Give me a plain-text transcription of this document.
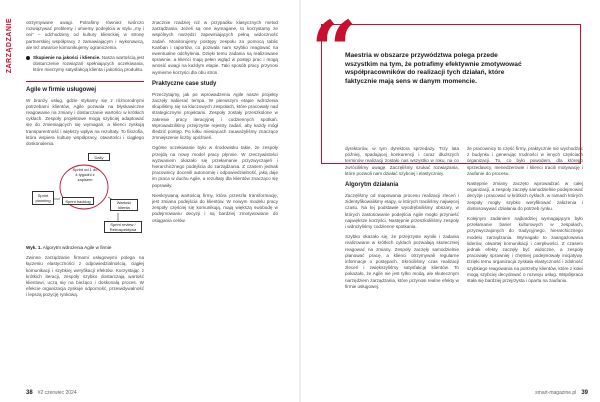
ZARZĄDZANIE	otrzymywane uwagi. Potrafimy równiez twórczo rozwiązywać problemy i umiemy podejścia w stylu „my i oni” – odchodzimy od kultury klienckiej w stronę partnerskiej współpracy z zamawiającym i wykonawcą, ale też otwarcie komunikujemy ograniczenia.

Skupienie na jakości i kliencie. Nasza wartością jest dostarczenie rozwiązań spełniających oczekiwania, które mierzymy satysfakcją klienta i jakością produktu.

Agile w firmie usługowej

W branży usług, gdzie stykamy się z różnorodnymi potrzebami klientów, Agile pozwala na błyskawiczne reagowanie na zmiany i dostarczanie wartości w krótkich cyklach. Zespoły projektowe mogą szybciej adaptować się do zmieniających się wymagań, a klienci zyskują transparentność i większy wpływ na rezultaty. To filozofia, która wspiera kulturę współpracy, otwartości i ciągłego doskonalenia.

Daily
Sprint od 1 do 4 tygodni z zapisem
Sprint planning	Sprint backlog	Wartość klienta
Sprint review / Retrospektywa

Wyk. 1. Algorytm wdrożenia Agile w firmie

Zwinne zarządzanie firmami usługowymi polega na łączeniu elastyczności z odpowiedzialnością, ciągłej komunikacji i szybkiej weryfikacji efektów. Korzystając z krótkich iteracji, zespoły szybko dostarczają wartość klientowi, uczą się na bieżąco i doskonalą proces. W efekcie organizacja zyskuje odporność, przewidywalność i lepszą pozycję rynkową.

znacznie rzadziej niż w przypadku klasycznych metod zarządzania. Jeżeli są one wymagane, to korzystamy ze wspólnych narzędzi zapewniających pełną widoczność zadań. Monitorujemy postępy zespołu za pomocą tablic Kanban i raportów, co pozwala nam szybko reagować na ewentualne odchylenia. Dzięki temu zadania są realizowane sprawnie, a klienci mają pełen wgląd w postęp prac i mogą wnosić uwagi na każdym etapie. Taki sposób pracy przynosi wymierne korzyści dla obu stron.

Praktyczne case study

Przeczytajmy, jak po wprowadzeniu Agile nasze projekty zaczęły nabierać tempa. W pierwszym etapie wdrożenia skupiliśmy się na kluczowych zespołach, które pracowały nad strategicznymi projektami. Zespoły zostały przeszkolone w zakresie pracy iteracyjnej i codziennych spotkań. Wprowadziliśmy przejrzyste rejestry zadań, aby każdy mógł śledzić postęp. Po kilku miesiącach zauważyliśmy znaczące zmniejszenie liczby opóźnień.

Ogólne oczekiwanie było w środowisku takie, że zespoły przejdą na nowy model pracy płynnie. W rzeczywistości wyzwaniem okazało się przełamanie przyzwyczajeń i hierarchicznego podejścia do zarządzania. Z czasem jednak pracownicy docenili autonomię i odpowiedzialność, jaką daje im praca w duchu Agile, a rezultaty dla klientów znacząco się poprawiły.

Nieskrywaną wartością firmy, która przeszła transformację, jest zmiana podejścia do klientów. W nowym modelu pracy zespoły częściej się komunikują, mają większą swobodę w podejmowaniu decyzji i są bardziej zmotywowane do osiągania celów.

38 #2 czerwiec 2024
“
Maestria w obszarze przywództwa polega przede wszystkim na tym, że potrafimy efektywnie zmotywować współpracowników do realizacji tych działań, które faktycznie mają sens w danym momencie.

dyrektorów, w tym dyrektora sprzedaży. Trzy lata później, spadającej konkurencji i coraz dłuższych terminów realizacji zostało nas wszystko w roku, na co zwróciliśmy uwagę. Zaczęliśmy szukać rozwiązania, które pozwoli nam działać szybciej i elastyczniej.

Algorytm działania

Zaczęliśmy od mapowania procesu realizacji zleceń i zidentyfikowaliśmy etapy, w których traciliśmy najwięcej czasu. Na tej podstawie wyodrębniliśmy obszary, w których zastosowanie podejścia Agile mogło przynieść największe korzyści. Następnie przeszkoliliśmy zespoły i wdrożyliśmy codzienne spotkania.

Szybko okazało się, że przejrzyste wyniki i zadania realizowane w krótkich cyklach pozwalają skuteczniej reagować na zmiany. Zespoły zaczęły samodzielnie planować pracę, a klienci otrzymywali regularne informacje o postępach. Skróciliśmy czas realizacji zleceń i zwiększyliśmy satysfakcję klientów. To pokazało, że Agile nie jest tylko modą, ale skutecznym narzędziem zarządzania, które przynosi realne efekty w firmie usługowej.

że pracownicy to część firmy, praktycznie nie wychodząc z budynku i generując trudności w innych częściach organizacji. To, co było powodem, dla którego sprzedawcy, menedżerowie i klienci tracili motywację i zaufanie do procesu.

Następnie zmiany zaczęto wprowadzać w całej organizacji, a zespoły zaczęły samodzielnie podejmować decyzje i pracować w krótkich cyklach, w ramach których zespoły mogły szybko weryfikować założenia i dostosowywać działania do potrzeb rynku.

Kolejnym zadaniem najbardziej wymagającym było przełamanie barier kulturowych w zespołach, przyzwyczajonych do tradycyjnego, hierarchicznego modelu zarządzania. Wymagało to zaangażowania liderów, otwartej komunikacji i cierpliwości. Z czasem jednak efekty zaczęły być widoczne, a zespoły pracowały sprawniej i chętniej podejmowały inicjatywy. Dzięki temu organizacja zyskała elastyczność i zdolność szybkiego reagowania na potrzeby klientów, które z kolei mogą szybciej decydować o rozwoju usług. Współpraca stała się bardziej przejrzysta i oparta na zaufaniu.

smart-magazine.pl 39
